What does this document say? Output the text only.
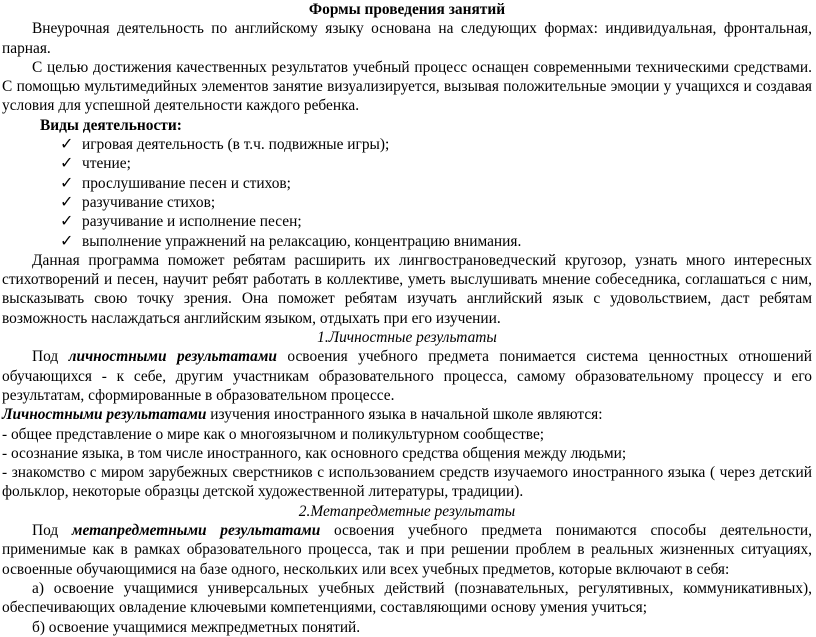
Формы проведения занятий

Внеурочная деятельность по английскому языку основана на следующих формах: индивидуальная, фронтальная, парная.

С целью достижения качественных результатов учебный процесс оснащен современными техническими средствами. С помощью мультимедийных элементов занятие визуализируется, вызывая положительные эмоции у учащихся и создавая условия для успешной деятельности каждого ребенка.

Виды деятельности:

✓ игровая деятельность (в т.ч. подвижные игры);
✓ чтение;
✓ прослушивание песен и стихов;
✓ разучивание стихов;
✓ разучивание и исполнение песен;
✓ выполнение упражнений на релаксацию, концентрацию внимания.

Данная программа поможет ребятам расширить их лингвострановедческий кругозор, узнать много интересных стихотворений и песен, научит ребят работать в коллективе, уметь выслушивать мнение собеседника, соглашаться с ним, высказывать свою точку зрения. Она поможет ребятам изучать английский язык с удовольствием, даст ребятам возможность наслаждаться английским языком, отдыхать при его изучении.

1.Личностные результаты

Под личностными результатами освоения учебного предмета понимается система ценностных отношений обучающихся - к себе, другим участникам образовательного процесса, самому образовательному процессу и его результатам, сформированные в образовательном процессе.

Личностными результатами изучения иностранного языка в начальной школе являются:

- общее представление о мире как о многоязычном и поликультурном сообществе;

- осознание языка, в том числе иностранного, как основного средства общения между людьми;

- знакомство с миром зарубежных сверстников с использованием средств изучаемого иностранного языка ( через детский фольклор, некоторые образцы детской художественной литературы, традиции).

2.Метапредметные результаты

Под метапредметными результатами освоения учебного предмета понимаются способы деятельности, применимые как в рамках образовательного процесса, так и при решении проблем в реальных жизненных ситуациях, освоенные обучающимися на базе одного, нескольких или всех учебных предметов, которые включают в себя:

а) освоение учащимися универсальных учебных действий (познавательных, регулятивных, коммуникативных), обеспечивающих овладение ключевыми компетенциями, составляющими основу умения учиться;

б) освоение учащимися межпредметных понятий.
